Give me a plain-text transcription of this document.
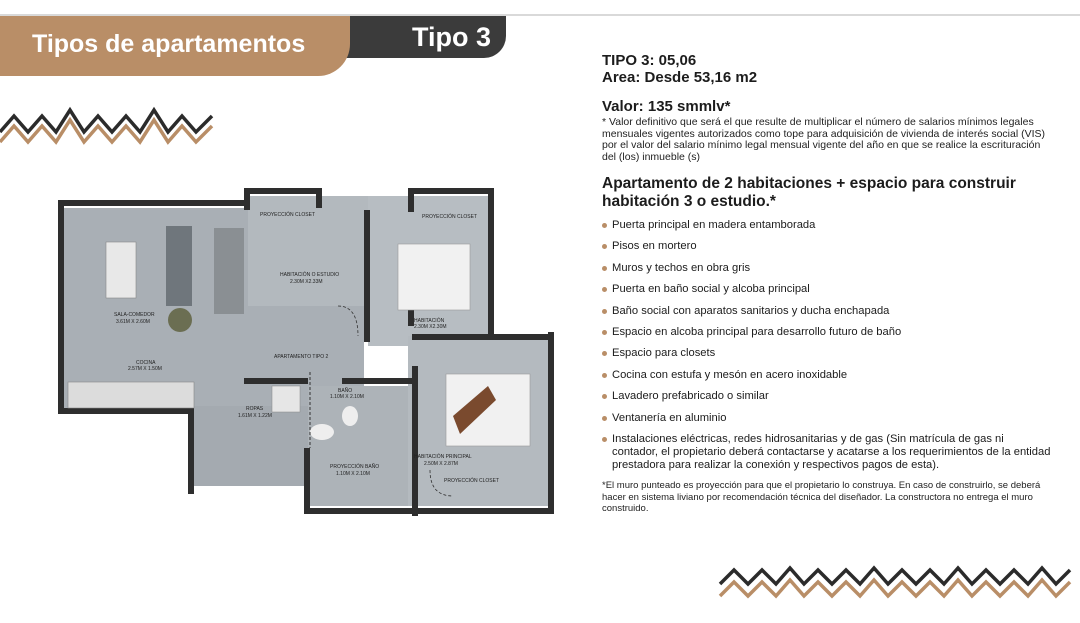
Tipo 3
Tipos de apartamentos
PROYECCIÓN CLOSET	PROYECCIÓN CLOSET
HABITACIÓN O ESTUDIO
2.30M X2.33M
HABITACIÓN
2.30M X2.30M
SALA-COMEDOR
3.61M X 2.60M
APARTAMENTO TIPO 2
COCINA
2.57M X 1.50M
ROPAS
1.61M X 1.22M
BAÑO
1.10M X 2.10M
PROYECCIÓN BAÑO
1.10M X 2.10M
HABITACIÓN PRINCIPAL
2.50M X 2.87M
PROYECCIÓN CLOSET

TIPO 3: 05,06

Area: Desde 53,16 m2

Valor: 135 smmlv*

* Valor definitivo que será el que resulte de multiplicar el número de salarios mínimos legales mensuales vigentes autorizados como tope para adquisición de vivienda de interés social (VIS) por el valor del salario mínimo legal mensual vigente del año en que se realice la escrituración del (los) inmueble (s)

Apartamento de 2 habitaciones + espacio para construir habitación 3 o estudio.*

Puerta principal en madera entamborada
Pisos en mortero
Muros y techos en obra gris
Puerta en baño social y alcoba principal
Baño social con aparatos sanitarios y ducha enchapada
Espacio en alcoba principal para desarrollo futuro de baño
Espacio para closets
Cocina con estufa y mesón en acero inoxidable
Lavadero prefabricado o similar
Ventanería en aluminio
Instalaciones eléctricas, redes hidrosanitarias y de gas (Sin matrícula de gas ni contador, el propietario deberá contactarse y acatarse a los requerimientos de la entidad prestadora para realizar la conexión y respectivos pagos de esta).

*El muro punteado es proyección para que el propietario lo construya. En caso de construirlo, se deberá hacer en sistema liviano por recomendación técnica del diseñador. La constructora no entrega el muro construido.
